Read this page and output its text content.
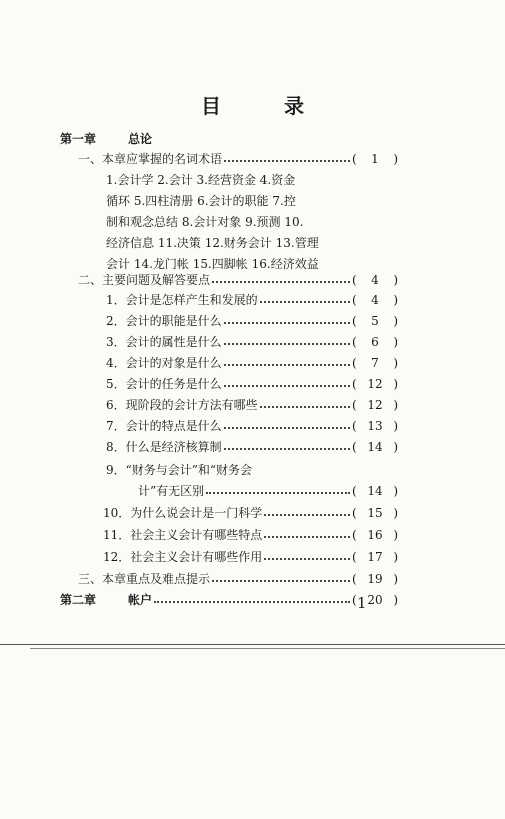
目 录
第一章	总论
一、本章应掌握的名词术语	(	1	)
1.会计学 2.会计 3.经营资金 4.资金
循环 5.四柱清册 6.会计的职能 7.控
制和观念总结 8.会计对象 9.预测 10.
经济信息 11.决策 12.财务会计 13.管理
会计 14.龙门帐 15.四脚帐 16.经济效益
二、主要问题及解答要点	(	4	)
1．会计是怎样产生和发展的	(	4	)
2．会计的职能是什么	(	5	)
3．会计的属性是什么	(	6	)
4．会计的对象是什么	(	7	)
5．会计的任务是什么	( 12 )
6．现阶段的会计方法有哪些	( 12 )
7．会计的特点是什么	( 13 )
8．什么是经济核算制	( 14 )
9．“财务与会计”和“财务会
计”有无区别	( 14 )
10．为什么说会计是一门科学	( 15 )
11．社会主义会计有哪些特点	( 16 )
12．社会主义会计有哪些作用	( 17 )
三、本章重点及难点提示	( 19 )
第二章	帐户	( 20 )
1
